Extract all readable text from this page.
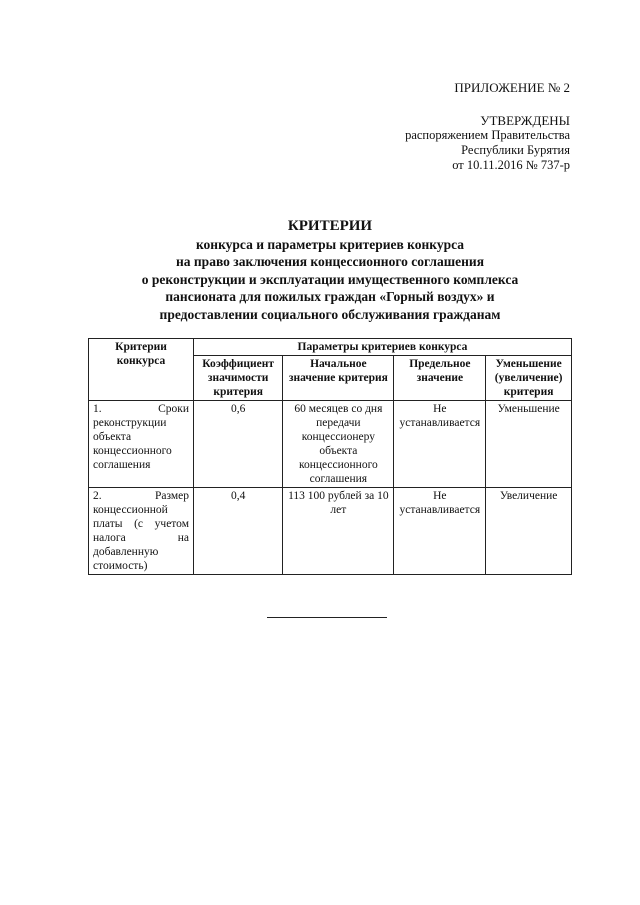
ПРИЛОЖЕНИЕ № 2
УТВЕРЖДЕНЫ
распоряжением Правительства
Республики Бурятия
от 10.11.2016 № 737-р
КРИТЕРИИ
конкурса и параметры критериев конкурса
на право заключения концессионного соглашения
о реконструкции и эксплуатации имущественного комплекса
пансионата для пожилых граждан «Горный воздух» и
предоставлении социального обслуживания гражданам
Критерии конкурса	Параметры критериев конкурса			
	Коэффициент значимости критерия	Начальное значение критерия	Предельное значение	Уменьшение (увеличение) критерия
1. Сроки реконструкции объекта концессионного соглашения	0,6	60 месяцев со дня передачи концессионеру объекта концессионного соглашения	Не устанавливается	Уменьшение
2. Размер концессионной платы (с учетом налога на добавленную стоимость)	0,4	113 100 рублей за 10 лет	Не устанавливается	Увеличение
